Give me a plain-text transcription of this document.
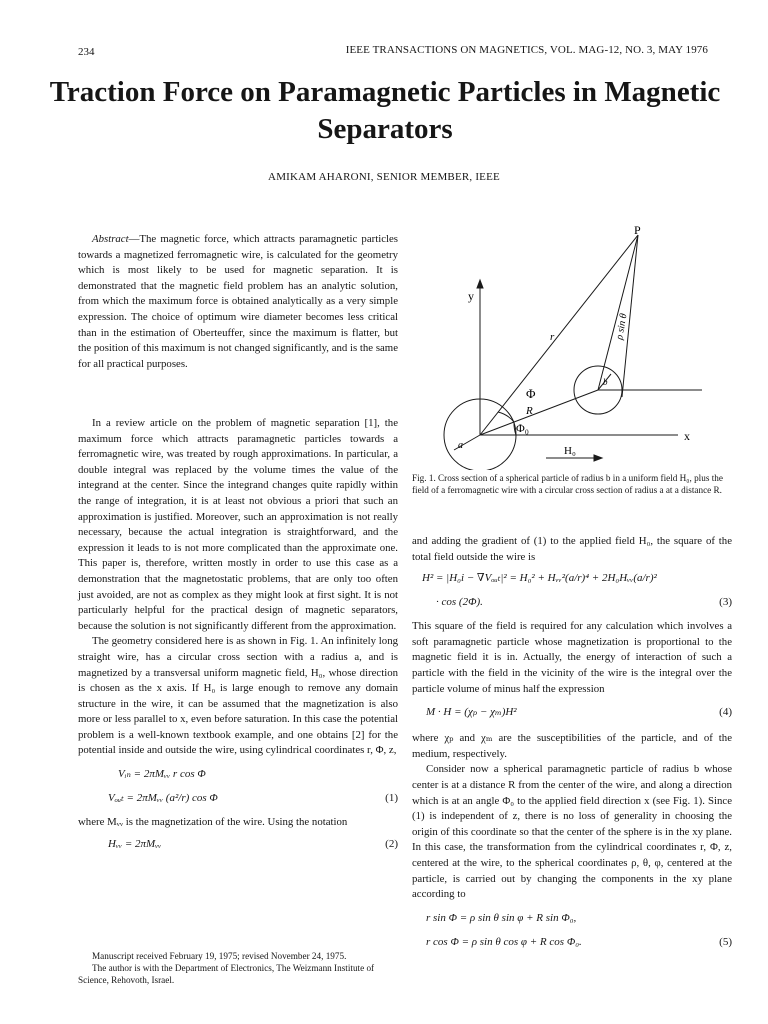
234	IEEE TRANSACTIONS ON MAGNETICS, VOL. MAG-12, NO. 3, MAY 1976
Traction Force on Paramagnetic Particles in Magnetic Separators
AMIKAM AHARONI, SENIOR MEMBER, IEEE

Abstract—The magnetic force, which attracts paramagnetic particles towards a magnetized ferromagnetic wire, is calculated for the geometry which is most likely to be used for magnetic separation. It is demonstrated that the magnetic field problem has an analytic solution, from which the maximum force is obtained analytically as a very simple expression. The choice of optimum wire diameter becomes less critical than in the estimation of Oberteuffer, since the maximum is flatter, but the position of this maximum is not changed significantly, and is the same for all practical purposes.

In a review article on the problem of magnetic separation [1], the maximum force which attracts paramagnetic particles towards a ferromagnetic wire, was treated by rough approximations. In particular, a double integral was replaced by the volume times the value of the integrand at the center. Since the integrand changes quite rapidly within the range of integration, it is at least not obvious a priori that such an approximation is justified. Moreover, such an approximation is not really necessary, because the actual integration is straightforward, and the expression it leads to is not more complicated than the approximate one. This paper is, therefore, written mostly in order to use this case as a demonstration that the magnetostatic problems, that are only too often just avoided, are not as complex as they might look at first sight. It is not particularly helpful for the practical design of magnetic separators, because the solution is not significantly different from the approximation.

The geometry considered here is as shown in Fig. 1. An infinitely long straight wire, has a circular cross section with a radius a, and is magnetized by a transversal uniform magnetic field, H₀, whose direction is chosen as the x axis. If H₀ is large enough to remove any domain structure in the wire, it can be assumed that the magnetization is also more or less parallel to x, even before saturation. In this case the potential problem is a well-known textbook example, and one obtains [2] for the potential inside and outside the wire, using cylindrical coordinates r, Φ, z,

Vᵢₙ = 2πMᵥᵥ r cos Φ
Vₒᵤₜ = 2πMᵥᵥ (a²/r) cos Φ	(1)

where Mᵥᵥ is the magnetization of the wire. Using the notation

Hᵥᵥ = 2πMᵥᵥ	(2)
Manuscript received February 19, 1975; revised November 24, 1975.
The author is with the Department of Electronics, The Weizmann Institute of Science, Rehovoth, Israel.
P
y
x
r	ρ sin θ
Φ
R
Φ₀
a
b
H₀
Fig. 1. Cross section of a spherical particle of radius b in a uniform field H₀, plus the field of a ferromagnetic wire with a circular cross section of radius a at a distance R.

and adding the gradient of (1) to the applied field H₀, the square of the total field outside the wire is

H² = |H₀i − ∇Vₒᵤₜ|² = H₀² + Hᵥᵥ²(a/r)⁴ + 2H₀Hᵥᵥ(a/r)²
· cos (2Φ).	(3)

This square of the field is required for any calculation which involves a soft paramagnetic particle whose magnetization is proportional to the magnetic field it is in. Actually, the energy of interaction of such a particle with the field in the vicinity of the wire is the integral over the particle volume of minus half the expression

M · H = (χₚ − χₘ)H²	(4)

where χₚ and χₘ are the susceptibilities of the particle, and of the medium, respectively.

Consider now a spherical paramagnetic particle of radius b whose center is at a distance R from the center of the wire, and along a direction which is at an angle Φ₀ to the applied field direction x (see Fig. 1). Since (1) is independent of z, there is no loss of generality in choosing the origin of this coordinate so that the center of the sphere is in the xy plane. In this case, the transformation from the cylindrical coordinates r, Φ, z, centered at the wire, to the spherical coordinates ρ, θ, φ, centered at the particle, is carried out by changing the components in the xy plane according to

r sin Φ = ρ sin θ sin φ + R sin Φ₀,
r cos Φ = ρ sin θ cos φ + R cos Φ₀.	(5)
